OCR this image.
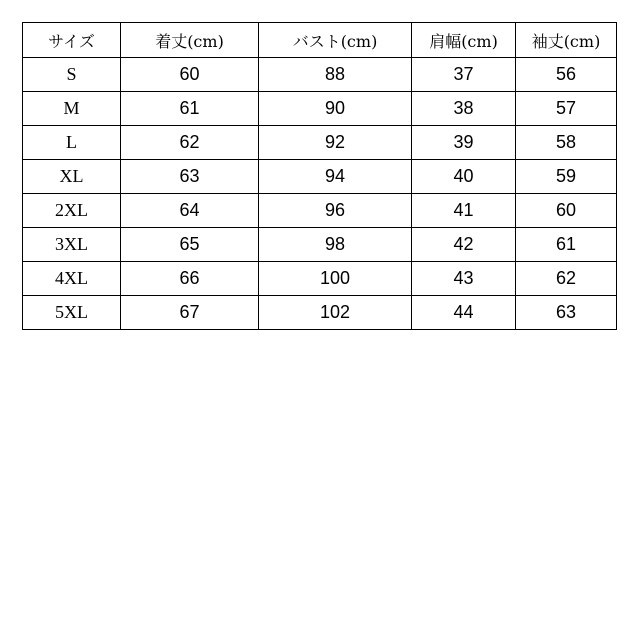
サイズ	着丈(cm)	バスト(cm)	肩幅(cm)	袖丈(cm)
S	60	88	37	56
M	61	90	38	57
L	62	92	39	58
XL	63	94	40	59
2XL	64	96	41	60
3XL	65	98	42	61
4XL	66	100	43	62
5XL	67	102	44	63
